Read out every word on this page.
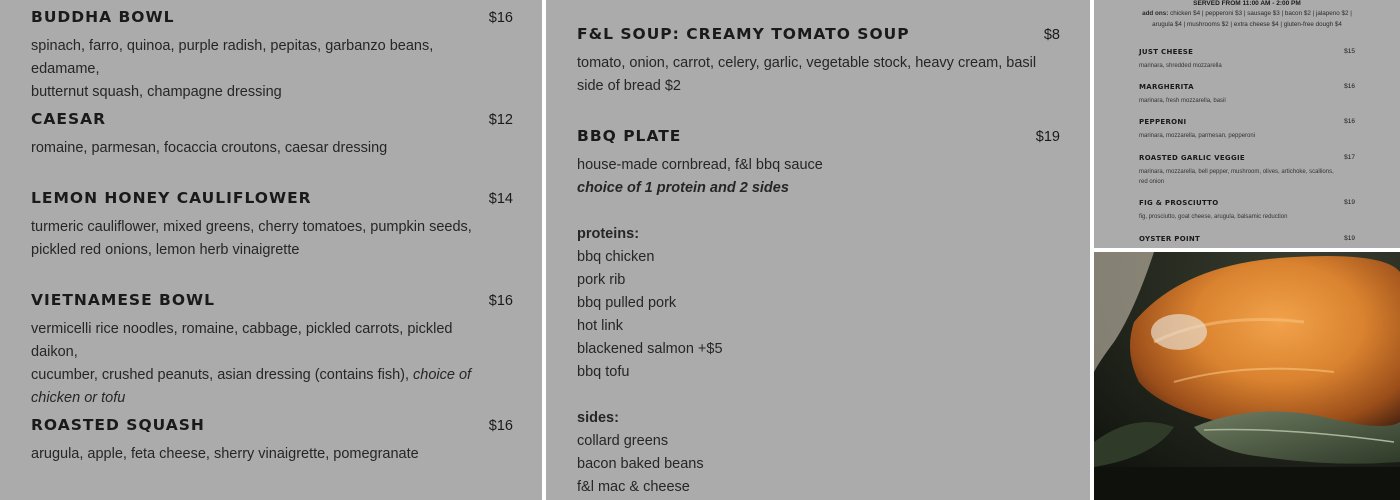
BUDDHA BOWL	$16
spinach, farro, quinoa, purple radish, pepitas, garbanzo beans, edamame,
butternut squash, champagne dressing
CAESAR	$12
romaine, parmesan, focaccia croutons, caesar dressing
LEMON HONEY CAULIFLOWER	$14
turmeric cauliflower, mixed greens, cherry tomatoes, pumpkin seeds,
pickled red onions, lemon herb vinaigrette
VIETNAMESE BOWL	$16
vermicelli rice noodles, romaine, cabbage, pickled carrots, pickled daikon,
cucumber, crushed peanuts, asian dressing (contains fish), choice of
chicken or tofu
ROASTED SQUASH	$16
arugula, apple, feta cheese, sherry vinaigrette, pomegranate
F&L SOUP: CREAMY TOMATO SOUP	$8
tomato, onion, carrot, celery, garlic, vegetable stock, heavy cream, basil
side of bread $2
BBQ PLATE	$19
house-made cornbread, f&l bbq sauce
choice of 1 protein and 2 sides
proteins:
bbq chicken
pork rib
bbq pulled pork
hot link
blackened salmon +$5
bbq tofu
sides:
collard greens
bacon baked beans
f&l mac & cheese
SERVED FROM 11:00 AM - 2:00 PM
add ons: chicken $4 | pepperoni $3 | sausage $3 | bacon $2 | jalapeno $2 |
arugula $4 | mushrooms $2 | extra cheese $4 | gluten-free dough $4
JUST CHEESE	$15
marinara, shredded mozzarella
MARGHERITA	$16
marinara, fresh mozzarella, basil
PEPPERONI	$16
marinara, mozzarella, parmesan, pepperoni
ROASTED GARLIC VEGGIE	$17
marinara, mozzarella, bell pepper, mushroom, olives, artichoke, scallions,
red onion
FIG & PROSCIUTTO	$19
fig, prosciutto, goat cheese, arugula, balsamic reduction
OYSTER POINT	$19
